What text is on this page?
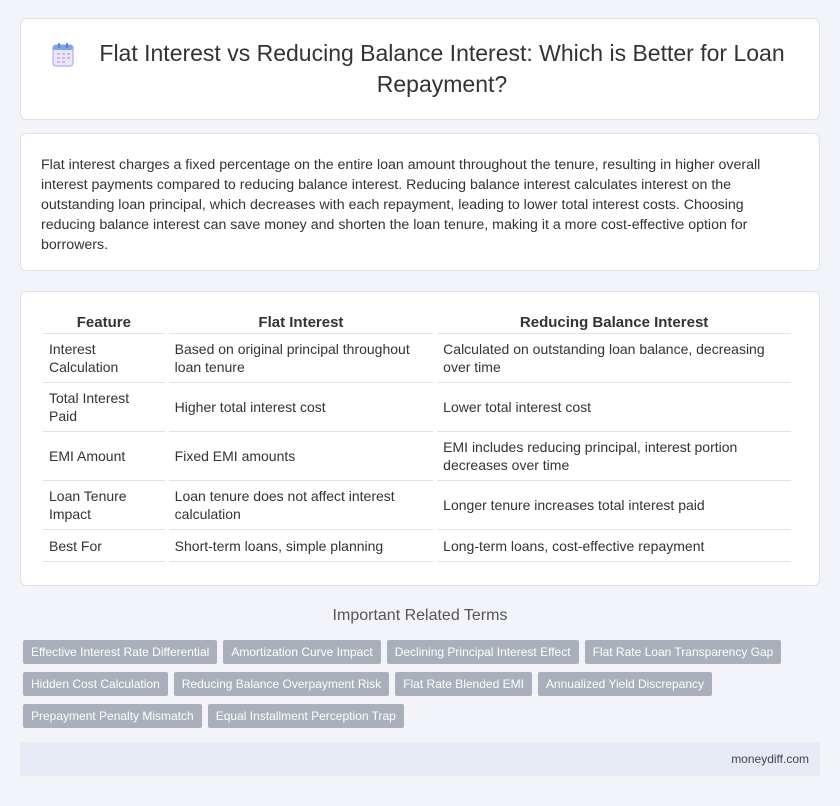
Flat Interest vs Reducing Balance Interest: Which is Better for Loan Repayment?

Flat interest charges a fixed percentage on the entire loan amount throughout the tenure, resulting in higher overall interest payments compared to reducing balance interest. Reducing balance interest calculates interest on the outstanding loan principal, which decreases with each repayment, leading to lower total interest costs. Choosing reducing balance interest can save money and shorten the loan tenure, making it a more cost-effective option for borrowers.

Feature	Flat Interest	Reducing Balance Interest
Interest Calculation	Based on original principal throughout loan tenure	Calculated on outstanding loan balance, decreasing over time
Total Interest Paid	Higher total interest cost	Lower total interest cost
EMI Amount	Fixed EMI amounts	EMI includes reducing principal, interest portion decreases over time
Loan Tenure Impact	Loan tenure does not affect interest calculation	Longer tenure increases total interest paid
Best For	Short-term loans, simple planning	Long-term loans, cost-effective repayment
Important Related Terms
Effective Interest Rate Differential	Amortization Curve Impact	Declining Principal Interest Effect	Flat Rate Loan Transparency Gap
Hidden Cost Calculation	Reducing Balance Overpayment Risk	Flat Rate Blended EMI	Annualized Yield Discrepancy
Prepayment Penalty Mismatch	Equal Installment Perception Trap
moneydiff.com
